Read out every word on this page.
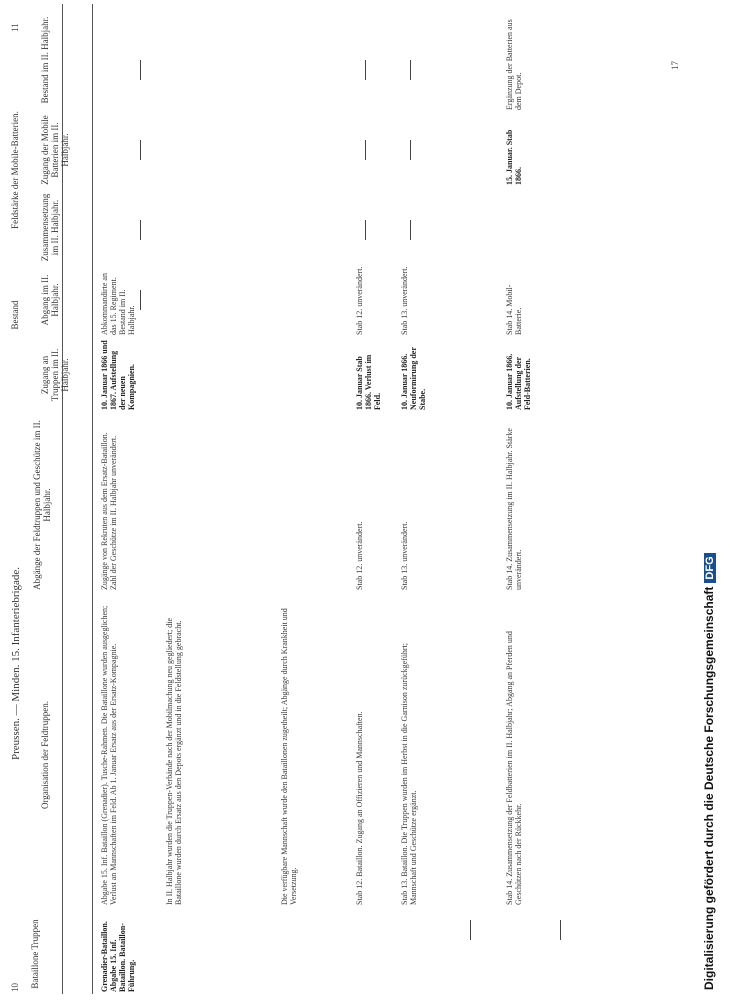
10
Preussen. — Minden. 15. Infanteriebrigade.
11
Bataillone Truppen
Organisation der Feldtruppen.
Abgänge der Feldtruppen und Geschütze im II. Halbjahr.
Zugang an Truppen im II. Halbjahr.
Bestand Abgang im II. Halbjahr.
Feldstärke der Mobile-Batterien. Zusammensetzung im II. Halbjahr.
Zugang der Mobile Batterien im II. Halbjahr.
Bestand im II. Halbjahr.
Grenadier-Bataillon. Abgabe 15. Inf. Bataillon. Bataillon-Führung.
Abgabe 15. Inf. Bataillon (Grenadier). Tusche-Rahmen. Die Bataillone wurden ausgeglichen; Verlust an Mannschaften im Feld. Ab 1. Januar Ersatz aus der Ersatz-Kompagnie.
Zugänge von Rekruten aus dem Ersatz-Bataillon. Zahl der Geschütze im II. Halbjahr unverändert.
10. Januar 1866 und 1867. Aufstellung der neuen Kompagnien.
Abkommandirte an das 15. Regiment. Bestand im II. Halbjahr.
In II. Halbjahr wurden die Truppen-Verbände nach der Mobilmachung neu gegliedert; die Bataillone wurden durch Ersatz aus den Depots ergänzt und in die Feldstellung gebracht.	Die verfügbare Mannschaft wurde den Bataillonen zugetheilt; Abgänge durch Krankheit und Versetzung.	Stab 12. Bataillon. Zugang an Offizieren und Mannschaften.
Stab 12. unverändert.
10. Januar Stab 1866. Verlust im Feld.
Stab 12. unverändert.
Stab 13. Bataillon. Die Truppen wurden im Herbst in die Garnison zurückgeführt; Mannschaft und Geschütze ergänzt.
Stab 13. unverändert.
10. Januar 1866. Neuformirung der Stabe.
Stab 13. unverändert.
Stab 14. Zusammensetzung der Feldbatterien im II. Halbjahr; Abgang an Pferden und Geschützen nach der Rückkehr.
Stab 14. Zusammensetzung im II. Halbjahr. Stärke unverändert.
10. Januar 1866. Aufstellung der Feld-Batterien.
Stab 14. Mobil-Batterie.
15. Januar. Stab 1866.
Ergänzung der Batterien aus dem Depot.
17
Digitalisierung gefördert durch die Deutsche ForschungsgemeinschaftDFG
